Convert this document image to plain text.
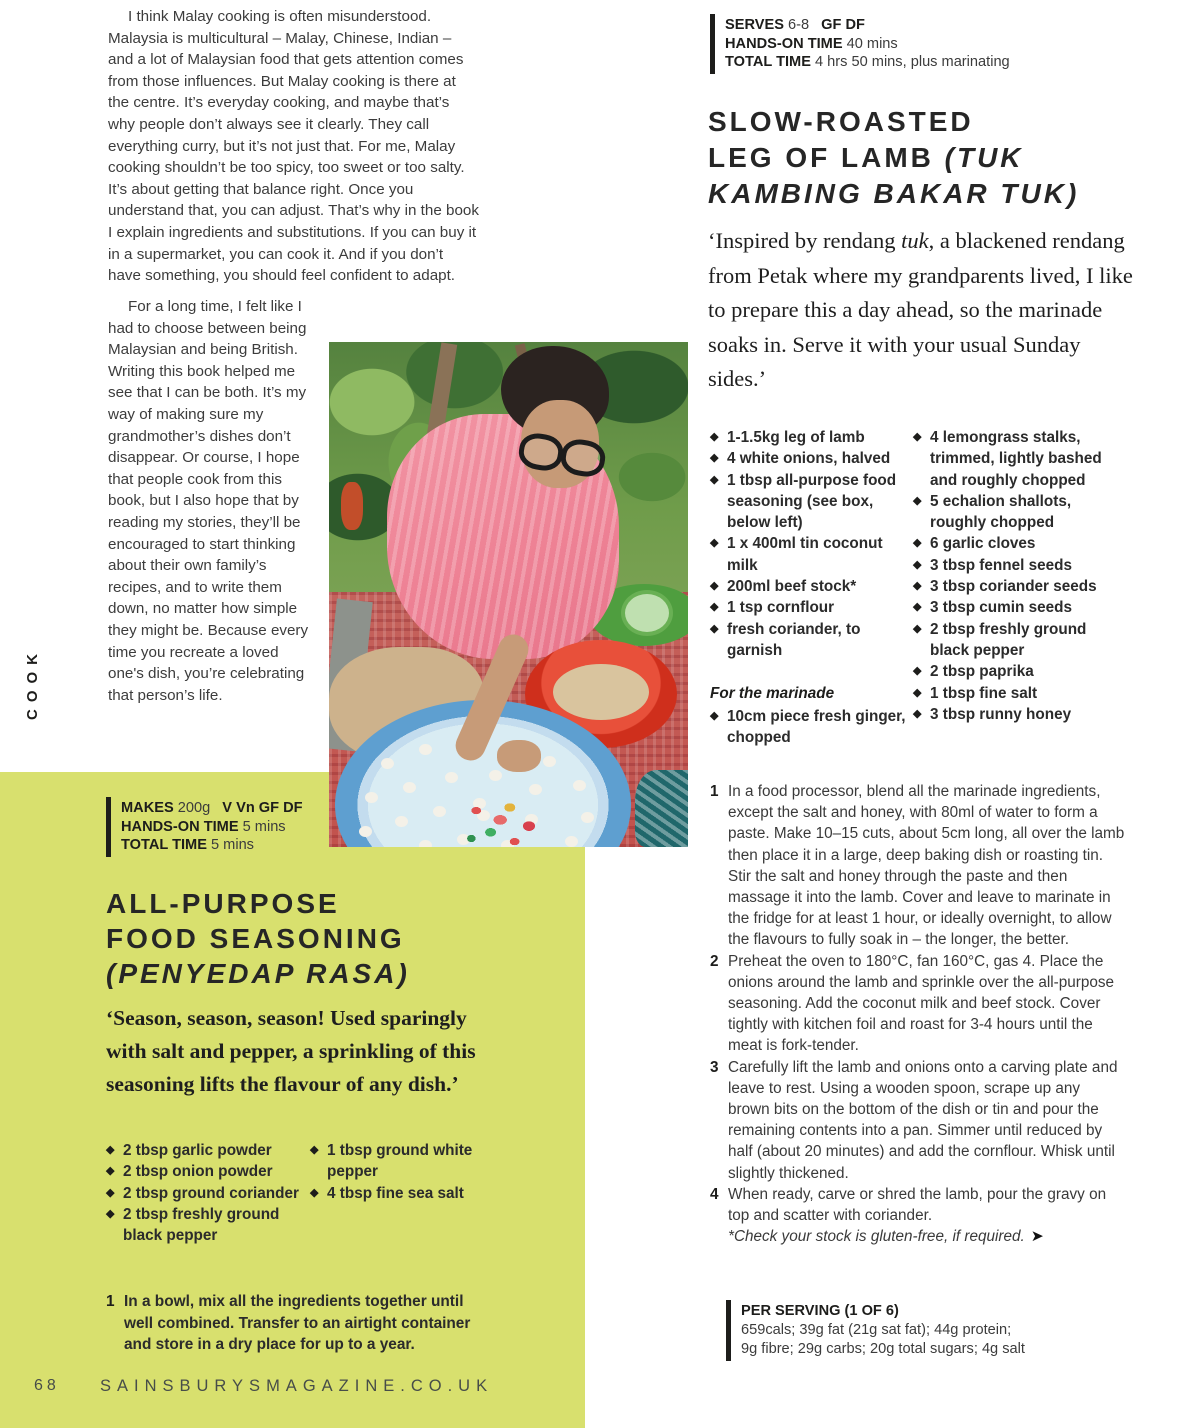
COOK
I think Malay cooking is often misunderstood. Malaysia is multicultural – Malay, Chinese, Indian – and a lot of Malaysian food that gets attention comes from those influences. But Malay cooking is there at the centre. It’s everyday cooking, and maybe that’s why people don’t always see it clearly. They call everything curry, but it’s not just that. For me, Malay cooking shouldn’t be too spicy, too sweet or too salty. It’s about getting that balance right. Once you understand that, you can adjust. That’s why in the book I explain ingredients and substitutions. If you can buy it in a supermarket, you can cook it. And if you don’t have something, you should feel confident to adapt.
For a long time, I felt like I had to choose between being Malaysian and being British. Writing this book helped me see that I can be both. It’s my way of making sure my grandmother’s dishes don’t disappear. Or course, I hope that people cook from this book, but I also hope that by reading my stories, they’ll be encouraged to start thinking about their own family’s recipes, and to write them down, no matter how simple they might be. Because every time you recreate a loved one's dish, you’re celebrating that person’s life.
MAKES 200g V Vn GF DF
HANDS-ON TIME 5 mins
TOTAL TIME 5 mins
ALL-PURPOSE
FOOD SEASONING
(PENYEDAP RASA)
‘Season, season, season! Used sparingly with salt and pepper, a sprinkling of this seasoning lifts the flavour of any dish.’
◆ 2 tbsp garlic powder
◆ 2 tbsp onion powder
◆ 2 tbsp ground coriander
◆ 2 tbsp freshly ground black pepper
◆ 1 tbsp ground white pepper
◆ 4 tbsp fine sea salt
1 In a bowl, mix all the ingredients together until well combined. Transfer to an airtight container and store in a dry place for up to a year.
68 SAINSBURYSMAGAZINE.CO.UK
SERVES 6-8 GF DF
HANDS-ON TIME 40 mins
TOTAL TIME 4 hrs 50 mins, plus marinating
SLOW-ROASTED
LEG OF LAMB (TUK
KAMBING BAKAR TUK)
‘Inspired by rendang tuk, a blackened rendang from Petak where my grandparents lived, I like to prepare this a day ahead, so the marinade soaks in. Serve it with your usual Sunday sides.’
◆ 1-1.5kg leg of lamb
◆ 4 white onions, halved
◆ 1 tbsp all-purpose food seasoning (see box, below left)
◆ 1 x 400ml tin coconut milk
◆ 200ml beef stock*
◆ 1 tsp cornflour
◆ fresh coriander, to garnish
For the marinade
◆ 10cm piece fresh ginger, chopped
◆ 4 lemongrass stalks, trimmed, lightly bashed and roughly chopped
◆ 5 echalion shallots, roughly chopped
◆ 6 garlic cloves
◆ 3 tbsp fennel seeds
◆ 3 tbsp coriander seeds
◆ 3 tbsp cumin seeds
◆ 2 tbsp freshly ground black pepper
◆ 2 tbsp paprika
◆ 1 tbsp fine salt
◆ 3 tbsp runny honey
1 In a food processor, blend all the marinade ingredients, except the salt and honey, with 80ml of water to form a paste. Make 10–15 cuts, about 5cm long, all over the lamb then place it in a large, deep baking dish or roasting tin. Stir the salt and honey through the paste and then massage it into the lamb. Cover and leave to marinate in the fridge for at least 1 hour, or ideally overnight, to allow the flavours to fully soak in – the longer, the better.
2 Preheat the oven to 180°C, fan 160°C, gas 4. Place the onions around the lamb and sprinkle over the all-purpose seasoning. Add the coconut milk and beef stock. Cover tightly with kitchen foil and roast for 3-4 hours until the meat is fork-tender.
3 Carefully lift the lamb and onions onto a carving plate and leave to rest. Using a wooden spoon, scrape up any brown bits on the bottom of the dish or tin and pour the remaining contents into a pan. Simmer until reduced by half (about 20 minutes) and add the cornflour. Whisk until slightly thickened.
4 When ready, carve or shred the lamb, pour the gravy on top and scatter with coriander.
*Check your stock is gluten-free, if required. ➤
PER SERVING (1 OF 6)
659cals; 39g fat (21g sat fat); 44g protein;
9g fibre; 29g carbs; 20g total sugars; 4g salt
